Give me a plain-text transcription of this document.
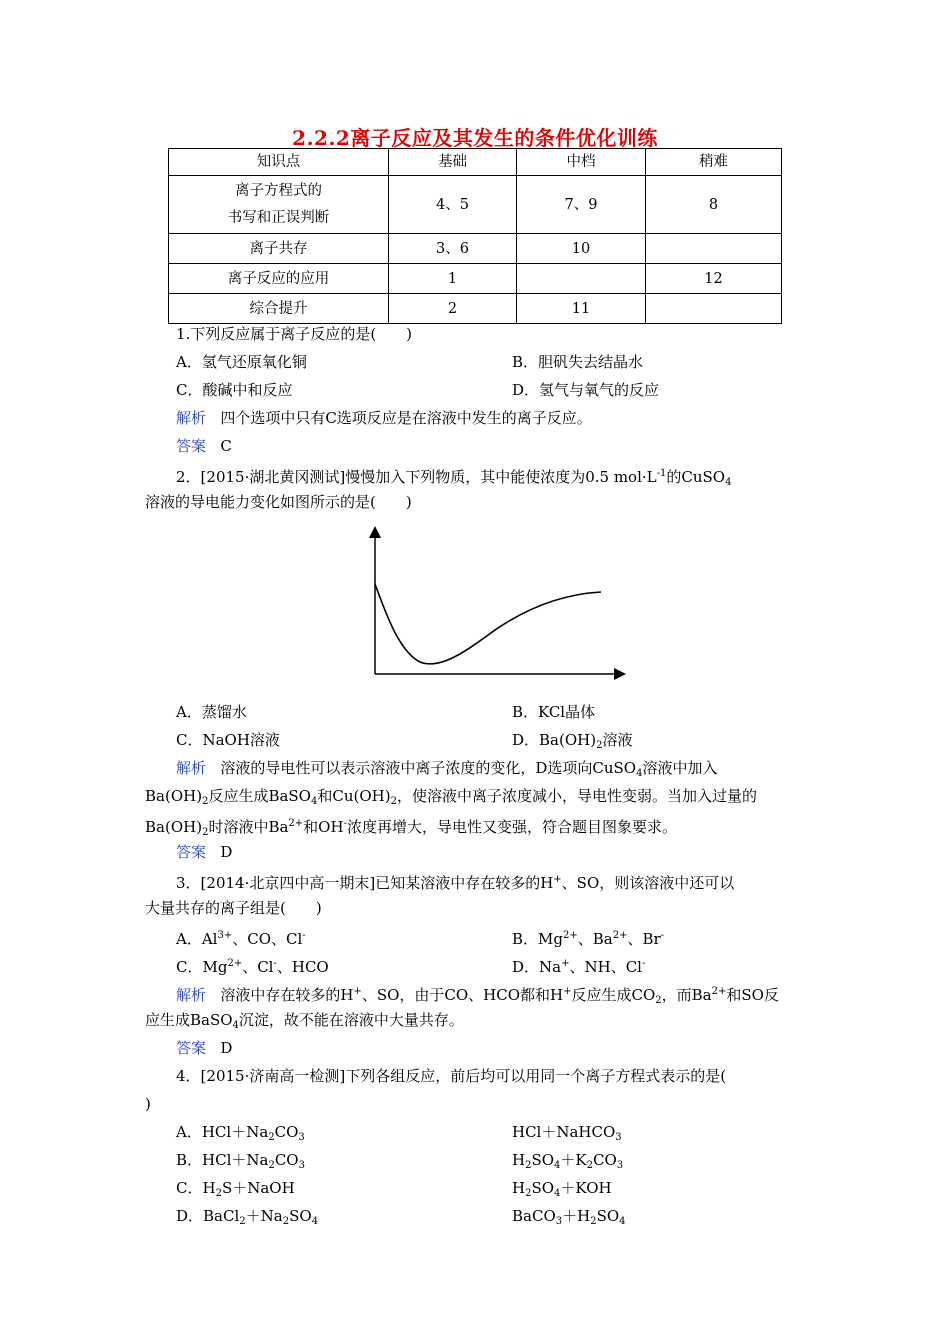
2.2.2离子反应及其发生的条件优化训练
知识点	基础	中档	稍难
离子方程式的
书写和正误判断	4、5	7、9	8
离子共存	3、6	10	
离子反应的应用	1		12
综合提升	2	11	
1.下列反应属于离子反应的是(　　)
A．氢气还原氧化铜	B．胆矾失去结晶水
C．酸碱中和反应	D．氢气与氧气的反应
解析 四个选项中只有C选项反应是在溶液中发生的离子反应。
答案 C
2．[2015·湖北黄冈测试]慢慢加入下列物质，其中能使浓度为0.5 $mol\cdot L^{-1}$的CuSO$_4$
溶液的导电能力变化如图所示的是(　　)
A．蒸馏水	B．KCl晶体
C．NaOH溶液	D．$Ba(OH)_2$溶液
解析 溶液的导电性可以表示溶液中离子浓度的变化，D选项向CuSO$_4$溶液中加入
$Ba(OH)_2$反应生成BaSO$_4$和$Cu(OH)_2$，使溶液中离子浓度减小，导电性变弱。当加入过量的
$Ba(OH)_2$时溶液中$Ba^{2+}$和OH-浓度再增大，导电性又变强，符合题目图象要求。
答案 D
3．[2014·北京四中高一期末]已知某溶液中存在较多的H+、SO，则该溶液中还可以
大量共存的离子组是(　　)
A．$Al^{3+}$、CO、Cl-	B．$Mg^{2+}$、$Ba^{2+}$、Br-
C．$Mg^{2+}$、Cl-、HCO	D．Na+、NH、Cl-
解析 溶液中存在较多的H+、SO，由于CO、HCO都和H+反应生成$CO_2$，而$Ba^{2+}$和SO反
应生成BaSO$_4$沉淀，故不能在溶液中大量共存。
答案 D
4．[2015·济南高一检测]下列各组反应，前后均可以用同一个离子方程式表示的是(
)
A．$HCl+Na_2CO_3$	HCl＋NaHCO$_3$
B．$HCl+Na_2CO_3$	$H_2SO_4+K_2CO_3$
C．$H_2S+NaOH$	$H_2SO_4+KOH$
D．$BaCl_2+Na_2SO_4$	$BaCO_3+H_2SO_4$
